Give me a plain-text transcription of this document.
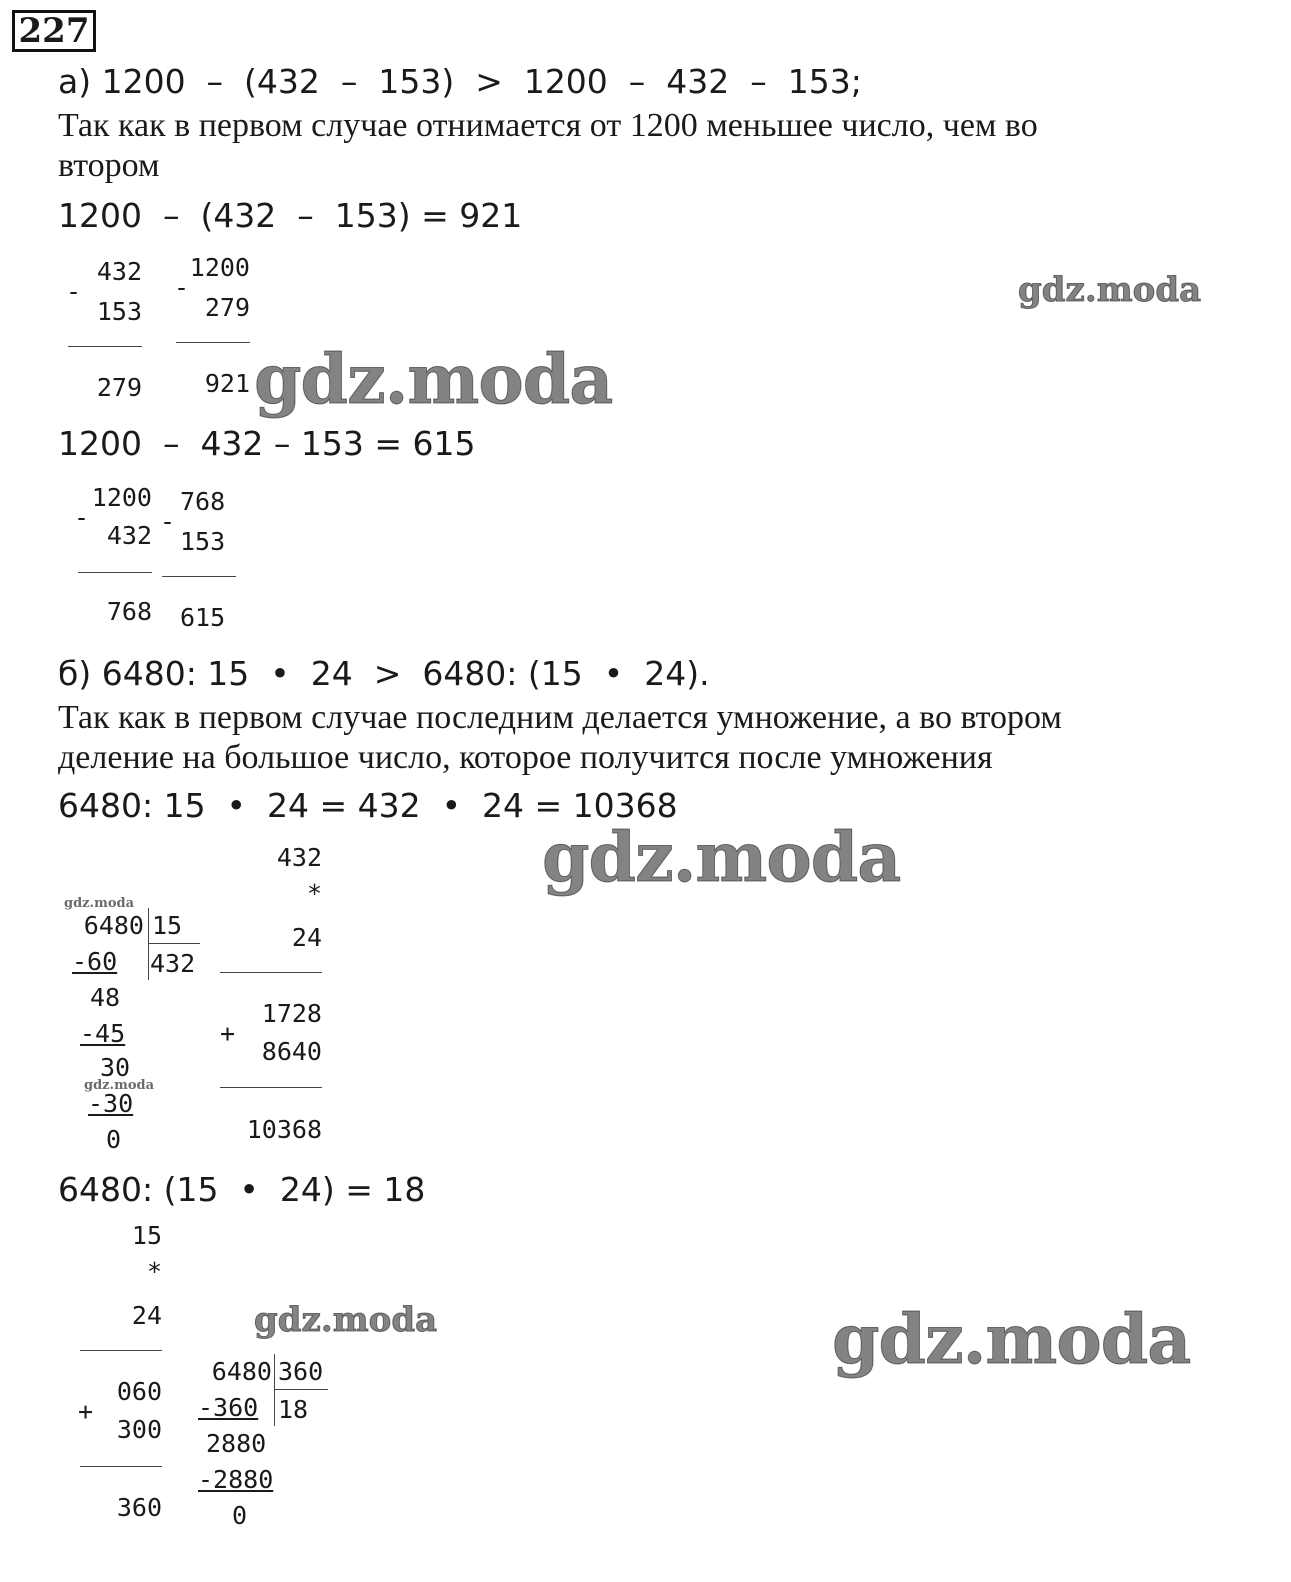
227
а) 1200  –  (432  –  153)  >  1200  –  432  –  153;
Так как в первом случае отнимается от 1200 меньшее число, чем во
втором
1200  –  (432  –  153) = 921
-
432
153
279
-
1200
279
921
1200  –  432 – 153 = 615
-
1200
432
768
-
768
153
615
б) 6480: 15  •  24  >  6480: (15  •  24).
Так как в первом случае последним делается умножение, а во втором
деление на большое число, которое получится после умножения
6480: 15  •  24 = 432  •  24 = 10368
6480 15
432
-60
48
-45
30
-30
0
432
*
24
+
1728
8640
10368
6480: (15  •  24) = 18
15
*
24
+
060
300
360
6480 360
18
-360
2880
-2880
0
gdz.moda
gdz.moda
gdz.moda
gdz.moda
gdz.moda
gdz.moda	gdz.moda
